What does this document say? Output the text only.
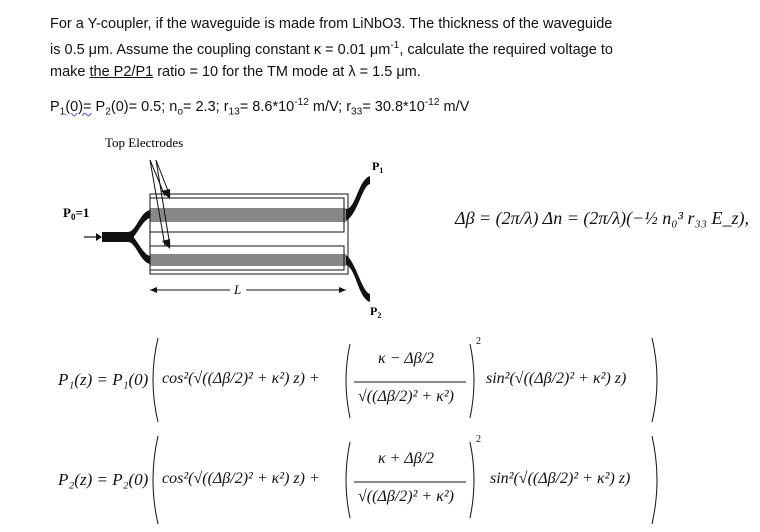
For a Y-coupler, if the waveguide is made from LiNbO3. The thickness of the waveguide
is 0.5 μm. Assume the coupling constant κ = 0.01 $\mu m^{-1}$, calculate the required voltage to
make the P2/P1 ratio = 10 for the TM mode at λ = 1.5 μm.
$P_1(0)= P_2(0)= 0.5$; $n_o= 2.3$; $r_{13}= 8.6*10^{-12}$ m/V; $r_{33}= 30.8*10^{-12}$ m/V
Top Electrodes
$P_0=1$
$P_1$
$P_2$
L
Δβ = (2π/λ) Δn = (2π/λ)(−½ n₀³ r₃₃ E_z),
P₁(z) = P₁(0) cos²(√((Δβ/2)² + κ²) z) +
κ − Δβ/2
√((Δβ/2)² + κ²)
2
sin²(√((Δβ/2)² + κ²) z)
P₂(z) = P₂(0) cos²(√((Δβ/2)² + κ²) z) +
κ + Δβ/2
√((Δβ/2)² + κ²)
2
sin²(√((Δβ/2)² + κ²) z)
